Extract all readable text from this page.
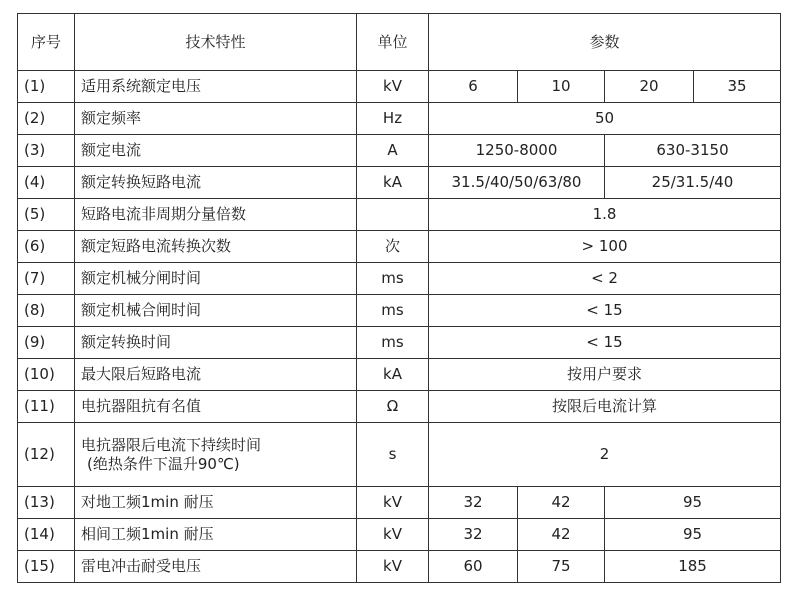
序号	技术特性	单位	参数			
(1)	适用系统额定电压	kV	6	10	20	35
(2)	额定频率	Hz	50			
(3)	额定电流	A	1250-8000		630-3150	
(4)	额定转换短路电流	kA	31.5/40/50/63/80		25/31.5/40	
(5)	短路电流非周期分量倍数		1.8			
(6)	额定短路电流转换次数	次	> 100			
(7)	额定机械分闸时间	ms	< 2			
(8)	额定机械合闸时间	ms	< 15			
(9)	额定转换时间	ms	< 15			
(10)	最大限后短路电流	kA	按用户要求			
(11)	电抗器阻抗有名值	Ω	按限后电流计算			
(12)	电抗器限后电流下持续时间
(绝热条件下温升90℃)	s	2			
(13)	对地工频1min 耐压	kV	32	42	95	
(14)	相间工频1min 耐压	kV	32	42	95	
(15)	雷电冲击耐受电压	kV	60	75	185	
